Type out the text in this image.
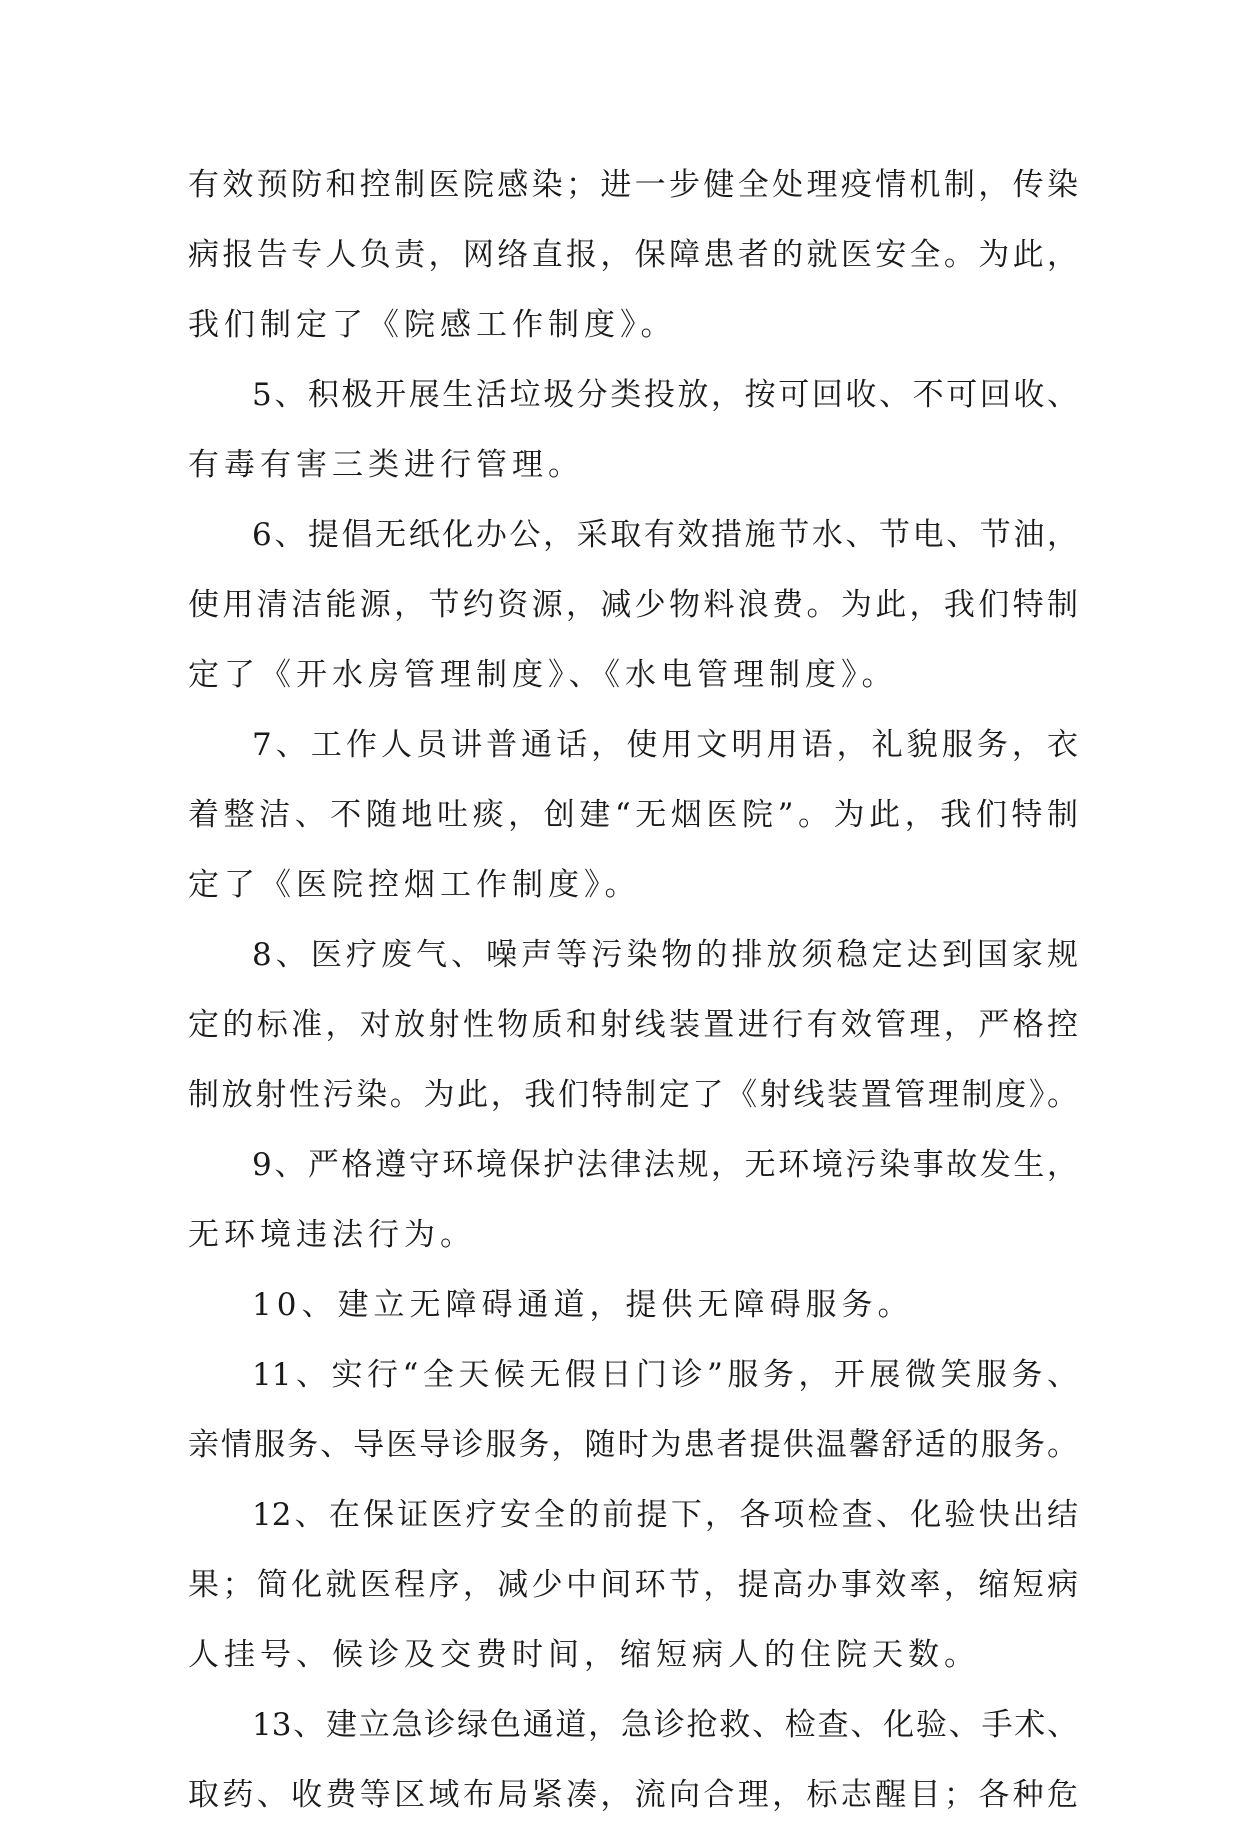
有效预防和控制医院感染；进一步健全处理疫情机制，传染
病报告专人负责，网络直报，保障患者的就医安全。为此，
我们制定了《院感工作制度》。
5、积极开展生活垃圾分类投放，按可回收、不可回收、
有毒有害三类进行管理。
6、提倡无纸化办公，采取有效措施节水、节电、节油，
使用清洁能源，节约资源，减少物料浪费。为此，我们特制
定了《开水房管理制度》、《水电管理制度》。
7、工作人员讲普通话，使用文明用语，礼貌服务，衣
着整洁、不随地吐痰，创建“无烟医院”。为此，我们特制
定了《医院控烟工作制度》。
8、医疗废气、噪声等污染物的排放须稳定达到国家规
定的标准，对放射性物质和射线装置进行有效管理，严格控
制放射性污染。为此，我们特制定了《射线装置管理制度》。
9、严格遵守环境保护法律法规，无环境污染事故发生，
无环境违法行为。
10、建立无障碍通道，提供无障碍服务。
11、实行“全天候无假日门诊”服务，开展微笑服务、
亲情服务、导医导诊服务，随时为患者提供温馨舒适的服务。
12、在保证医疗安全的前提下，各项检查、化验快出结
果；简化就医程序，减少中间环节，提高办事效率，缩短病
人挂号、候诊及交费时间，缩短病人的住院天数。
13、建立急诊绿色通道，急诊抢救、检查、化验、手术、
取药、收费等区域布局紧凑，流向合理，标志醒目；各种危
